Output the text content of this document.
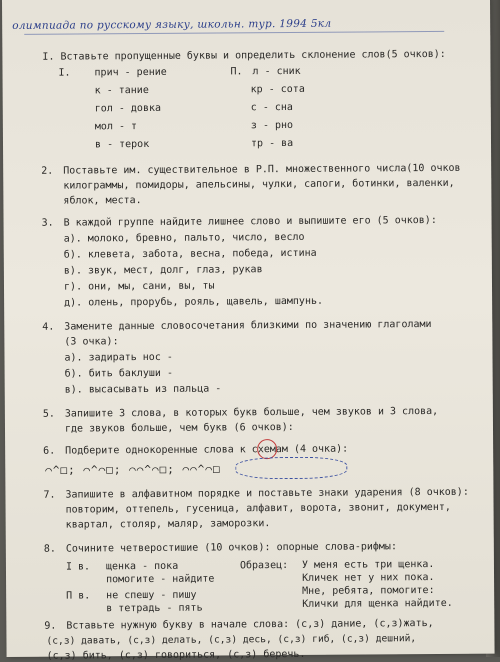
олимпиада по русскому языку, школьн. тур. 1994 5кл
I. Вставьте пропущенные буквы и определить склонение слов(5 очков):
I.	П.
прич - рение
к - тание
гол - довка
мол - т
в - терок
л - сник
кр - сота
с - сна
з - рно
тр - ва
2. Поставьте им. существительное в Р.П. множественного числа(10 очков
килограммы, помидоры, апельсины, чулки, сапоги, ботинки, валенки,
яблок, места.
3. В каждой группе найдите лишнее слово и выпишите его (5 очков):
а). молоко, бревно, пальто, число, весло
б). клевета, забота, весна, победа, истина
в). звук, мест, долг, глаз, рукав
г). они, мы, сани, вы, ты
д). олень, прорубь, рояль, щавель, шампунь.
4. Замените данные словосочетания близкими по значению глаголами
(3 очка):
а). задирать нос -
б). бить баклуши -
в). высасывать из пальца -
5. Запишите 3 слова, в которых букв больше, чем звуков и 3 слова,
где звуков больше, чем букв (6 очков):
6. Подберите однокоренные слова к схемам (4 очка):
⌒^□; ⌒^⌒□; ⌒⌒^⌒□; ⌒⌒^⌒□
7. Запишите в алфавитном порядке и поставьте знаки ударения (8 очков):
повторим, оттепель, гусеница, алфавит, ворота, звонит, документ,
квартал, столяр, маляр, заморозки.
8. Сочините четверостишие (10 очков): опорные слова-рифмы:
I в. щенка - пока
помогите - найдите
П в. не спешу - пишу
в тетрадь - пять
Образец: У меня есть три щенка.
Кличек нет у них пока.
Мне, ребята, помогите:
Клички для щенка найдите.
9. Вставьте нужную букву в начале слова: (с,з) дание, (с,з)жать,
(с,з) давать, (с,з) делать, (с,з) десь, (с,з) гиб, (с,з) дешний,
(с,з) бить, (с,з) говориться, (с,з) беречь.
